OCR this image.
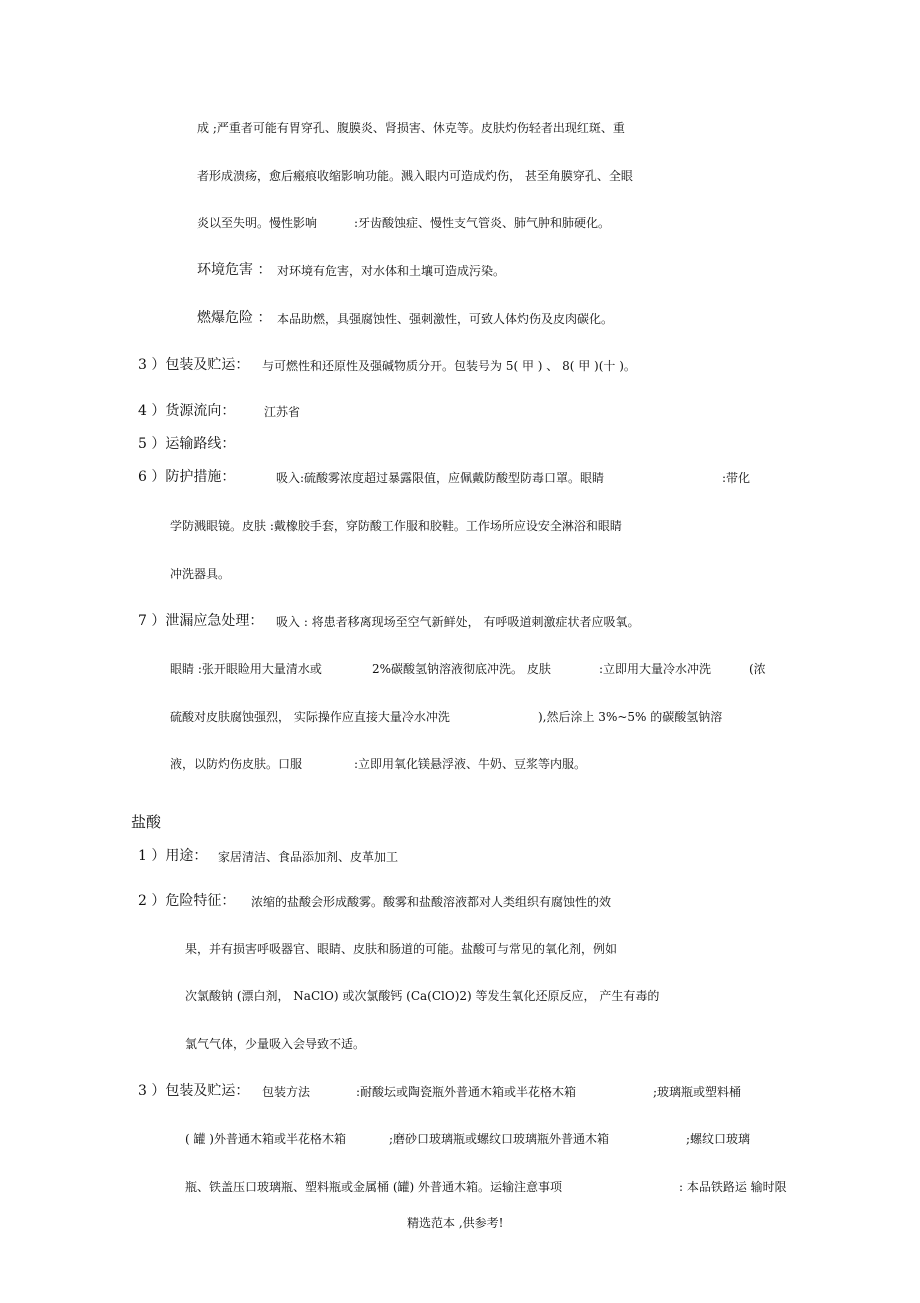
成 ;严重者可能有胃穿孔、腹膜炎、肾损害、休克等。皮肤灼伤轻者出现红斑、重
者形成溃疡，愈后瘢痕收缩影响功能。溅入眼内可造成灼伤， 甚至角膜穿孔、全眼
炎以至失明。慢性影响	:牙齿酸蚀症、慢性支气管炎、肺气肿和肺硬化。
环境危害 ： 对环境有危害，对水体和土壤可造成污染。
燃爆危险 ： 本品助燃，具强腐蚀性、强刺激性，可致人体灼伤及皮肉碳化。
3 ）包装及贮运： 与可燃性和还原性及强碱物质分开。包装号为 5( 甲 ) 、 8( 甲 )(十 )。
4 ）货源流向： 江苏省
5 ）运输路线：
6 ）防护措施：	吸入:硫酸雾浓度超过暴露限值，应佩戴防酸型防毒口罩。眼睛	:带化
学防溅眼镜。皮肤 :戴橡胶手套，穿防酸工作服和胶鞋。工作场所应设安全淋浴和眼睛
冲洗器具。
7 ）泄漏应急处理： 吸入 : 将患者移离现场至空气新鲜处， 有呼吸道刺激症状者应吸氧。
眼睛 :张开眼睑用大量清水或	2%碳酸氢钠溶液彻底冲洗。 皮肤	:立即用大量冷水冲洗	(浓
硫酸对皮肤腐蚀强烈， 实际操作应直接大量冷水冲洗	),然后涂上 3%~5% 的碳酸氢钠溶
液，以防灼伤皮肤。口服	:立即用氧化镁悬浮液、牛奶、豆浆等内服。
盐酸
1 ）用途： 家居清洁、食品添加剂、皮革加工
2 ）危险特征： 浓缩的盐酸会形成酸雾。酸雾和盐酸溶液都对人类组织有腐蚀性的效
果，并有损害呼吸器官、眼睛、皮肤和肠道的可能。盐酸可与常见的氧化剂，例如
次氯酸钠 (漂白剂， NaClO) 或次氯酸钙 (Ca(ClO)2) 等发生氧化还原反应， 产生有毒的
氯气气体，少量吸入会导致不适。
3 ）包装及贮运： 包装方法	:耐酸坛或陶瓷瓶外普通木箱或半花格木箱	;玻璃瓶或塑料桶
( 罐 )外普通木箱或半花格木箱	;磨砂口玻璃瓶或螺纹口玻璃瓶外普通木箱	;螺纹口玻璃
瓶、铁盖压口玻璃瓶、塑料瓶或金属桶 (罐) 外普通木箱。运输注意事项	: 本品铁路运 输时限
精选范本 ,供参考!
